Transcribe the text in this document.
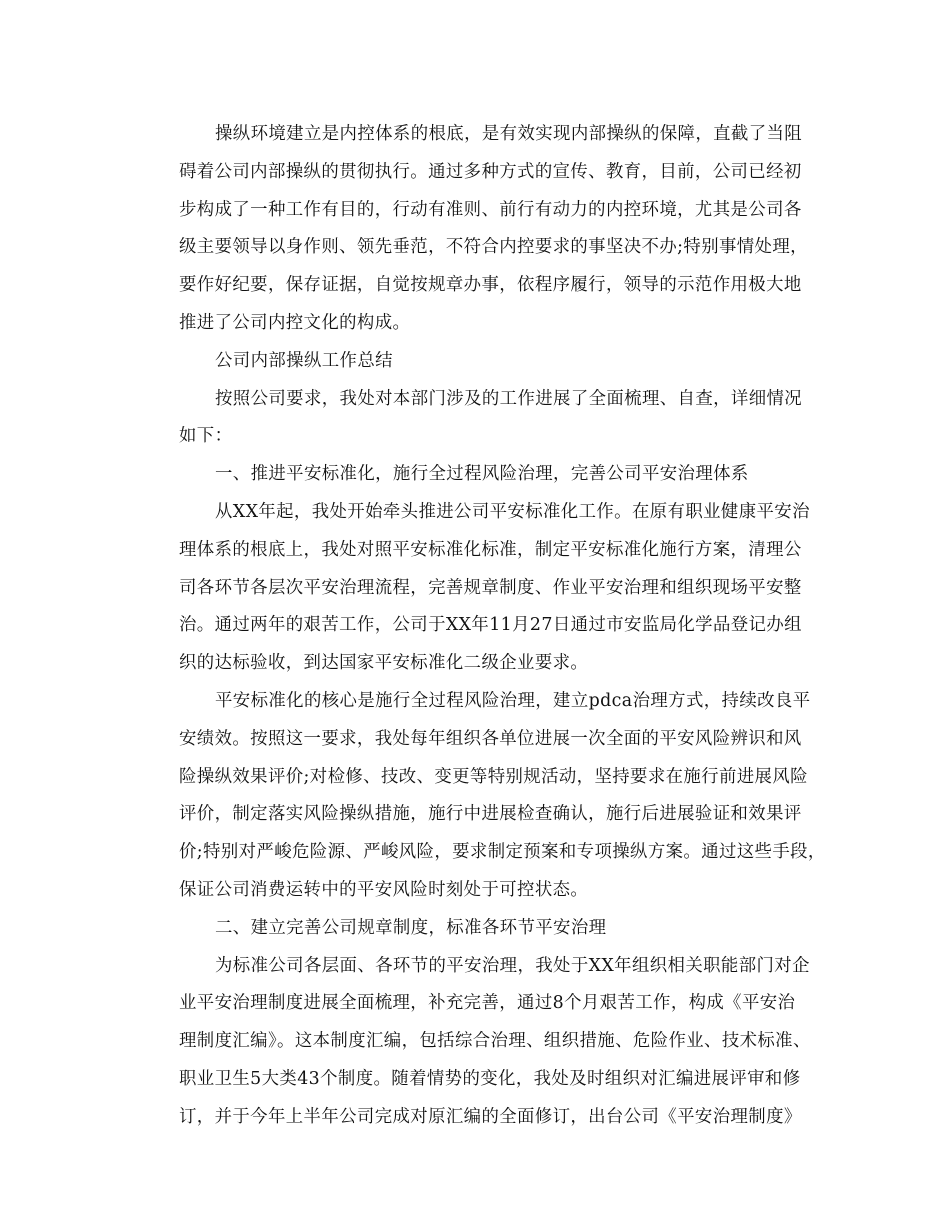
操纵环境建立是内控体系的根底，是有效实现内部操纵的保障，直截了当阻
碍着公司内部操纵的贯彻执行。通过多种方式的宣传、教育，目前，公司已经初
步构成了一种工作有目的，行动有准则、前行有动力的内控环境，尤其是公司各
级主要领导以身作则、领先垂范，不符合内控要求的事坚决不办;特别事情处理，
要作好纪要，保存证据，自觉按规章办事，依程序履行，领导的示范作用极大地
推进了公司内控文化的构成。
公司内部操纵工作总结
按照公司要求，我处对本部门涉及的工作进展了全面梳理、自查，详细情况
如下：
一、推进平安标准化，施行全过程风险治理，完善公司平安治理体系
从XX年起，我处开始牵头推进公司平安标准化工作。在原有职业健康平安治
理体系的根底上，我处对照平安标准化标准，制定平安标准化施行方案，清理公
司各环节各层次平安治理流程，完善规章制度、作业平安治理和组织现场平安整
治。通过两年的艰苦工作，公司于XX年11月27日通过市安监局化学品登记办组
织的达标验收，到达国家平安标准化二级企业要求。
平安标准化的核心是施行全过程风险治理，建立pdca治理方式，持续改良平
安绩效。按照这一要求，我处每年组织各单位进展一次全面的平安风险辨识和风
险操纵效果评价;对检修、技改、变更等特别规活动，坚持要求在施行前进展风险
评价，制定落实风险操纵措施，施行中进展检查确认，施行后进展验证和效果评
价;特别对严峻危险源、严峻风险，要求制定预案和专项操纵方案。通过这些手段，
保证公司消费运转中的平安风险时刻处于可控状态。
二、建立完善公司规章制度，标准各环节平安治理
为标准公司各层面、各环节的平安治理，我处于XX年组织相关职能部门对企
业平安治理制度进展全面梳理，补充完善，通过8个月艰苦工作，构成《平安治
理制度汇编》。这本制度汇编，包括综合治理、组织措施、危险作业、技术标准、
职业卫生5大类43个制度。随着情势的变化，我处及时组织对汇编进展评审和修
订，并于今年上半年公司完成对原汇编的全面修订，出台公司《平安治理制度》
